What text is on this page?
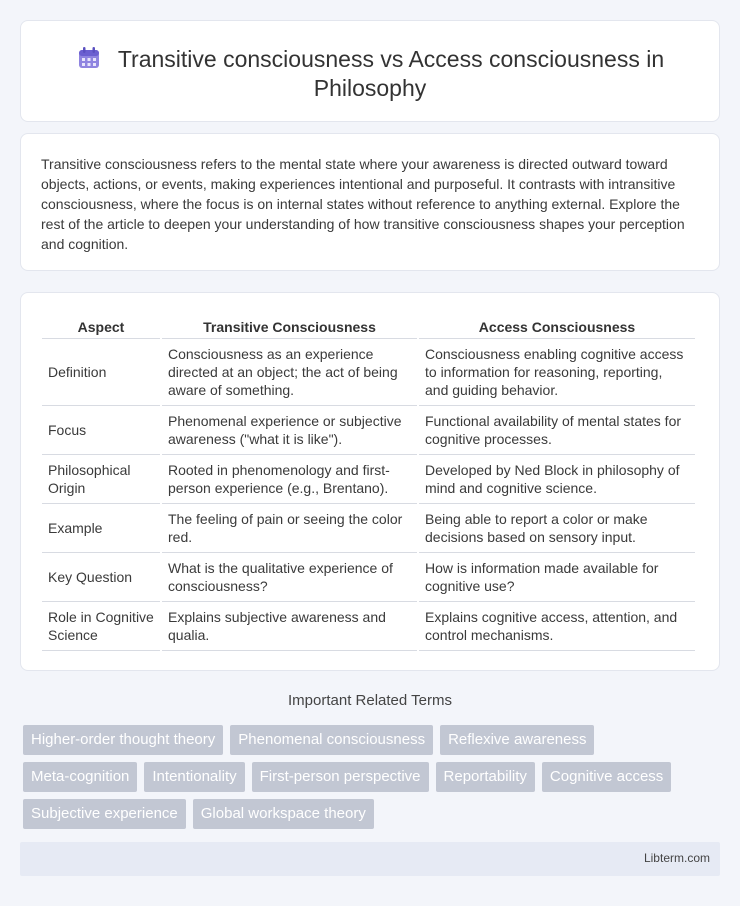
Transitive consciousness vs Access consciousness in Philosophy

Transitive consciousness refers to the mental state where your awareness is directed outward toward objects, actions, or events, making experiences intentional and purposeful. It contrasts with intransitive consciousness, where the focus is on internal states without reference to anything external. Explore the rest of the article to deepen your understanding of how transitive consciousness shapes your perception and cognition.

Aspect	Transitive Consciousness	Access Consciousness
Definition	Consciousness as an experience directed at an object; the act of being aware of something.	Consciousness enabling cognitive access to information for reasoning, reporting, and guiding behavior.
Focus	Phenomenal experience or subjective awareness ("what it is like").	Functional availability of mental states for cognitive processes.
Philosophical Origin	Rooted in phenomenology and first-person experience (e.g., Brentano).	Developed by Ned Block in philosophy of mind and cognitive science.
Example	The feeling of pain or seeing the color red.	Being able to report a color or make decisions based on sensory input.
Key Question	What is the qualitative experience of consciousness?	How is information made available for cognitive use?
Role in Cognitive Science	Explains subjective awareness and qualia.	Explains cognitive access, attention, and control mechanisms.
Important Related Terms
Higher-order thought theory	Phenomenal consciousness	Reflexive awareness
Meta-cognition	Intentionality	First-person perspective	Reportability	Cognitive access
Subjective experience	Global workspace theory
Libterm.com
